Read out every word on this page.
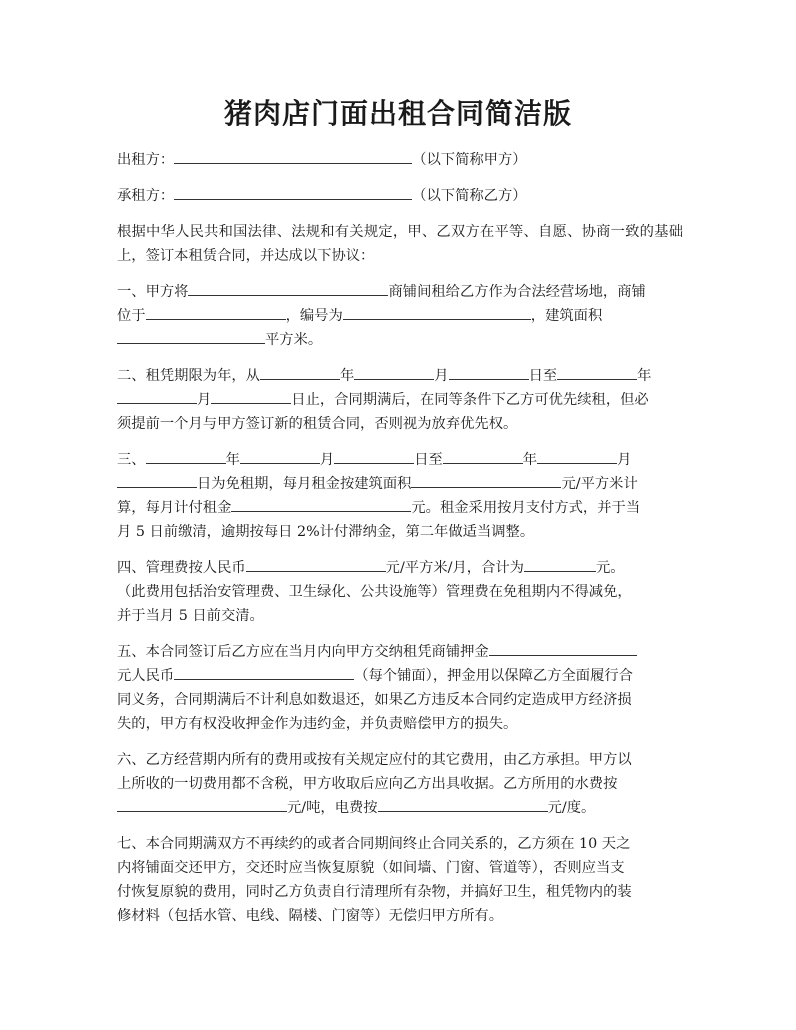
猪肉店门面出租合同简洁版
出租方：	（以下简称甲方）
承租方：	（以下简称乙方）
根据中华人民共和国法律、法规和有关规定，甲、乙双方在平等、自愿、协商一致的基础上，签订本租赁合同，并达成以下协议：
一、甲方将	商铺间租给乙方作为合法经营场地，商铺
位于	，编号为	，建筑面积
平方米。
二、租凭期限为年，从	年	月	日至	年
月	日止，合同期满后，在同等条件下乙方可优先续租，但必
须提前一个月与甲方签订新的租赁合同，否则视为放弃优先权。
三、	年	月	日至	年	月
日为免租期，每月租金按建筑面积	元/平方米计
算，每月计付租金	元。租金采用按月支付方式，并于当
月 5 日前缴清，逾期按每日 2%计付滞纳金，第二年做适当调整。
四、管理费按人民币	元/平方米/月，合计为	元。
（此费用包括治安管理费、卫生绿化、公共设施等）管理费在免租期内不得减免，
并于当月 5 日前交清。
五、本合同签订后乙方应在当月内向甲方交纳租凭商铺押金
元人民币	（每个铺面），押金用以保障乙方全面履行合
同义务，合同期满后不计利息如数退还，如果乙方违反本合同约定造成甲方经济损
失的，甲方有权没收押金作为违约金，并负责赔偿甲方的损失。
六、乙方经营期内所有的费用或按有关规定应付的其它费用，由乙方承担。甲方以
上所收的一切费用都不含税，甲方收取后应向乙方出具收据。乙方所用的水费按
元/吨，电费按	元/度。
七、本合同期满双方不再续约的或者合同期间终止合同关系的，乙方须在 10 天之
内将铺面交还甲方，交还时应当恢复原貌（如间墙、门窗、管道等），否则应当支
付恢复原貌的费用，同时乙方负责自行清理所有杂物，并搞好卫生，租凭物内的装
修材料（包括水管、电线、隔楼、门窗等）无偿归甲方所有。
